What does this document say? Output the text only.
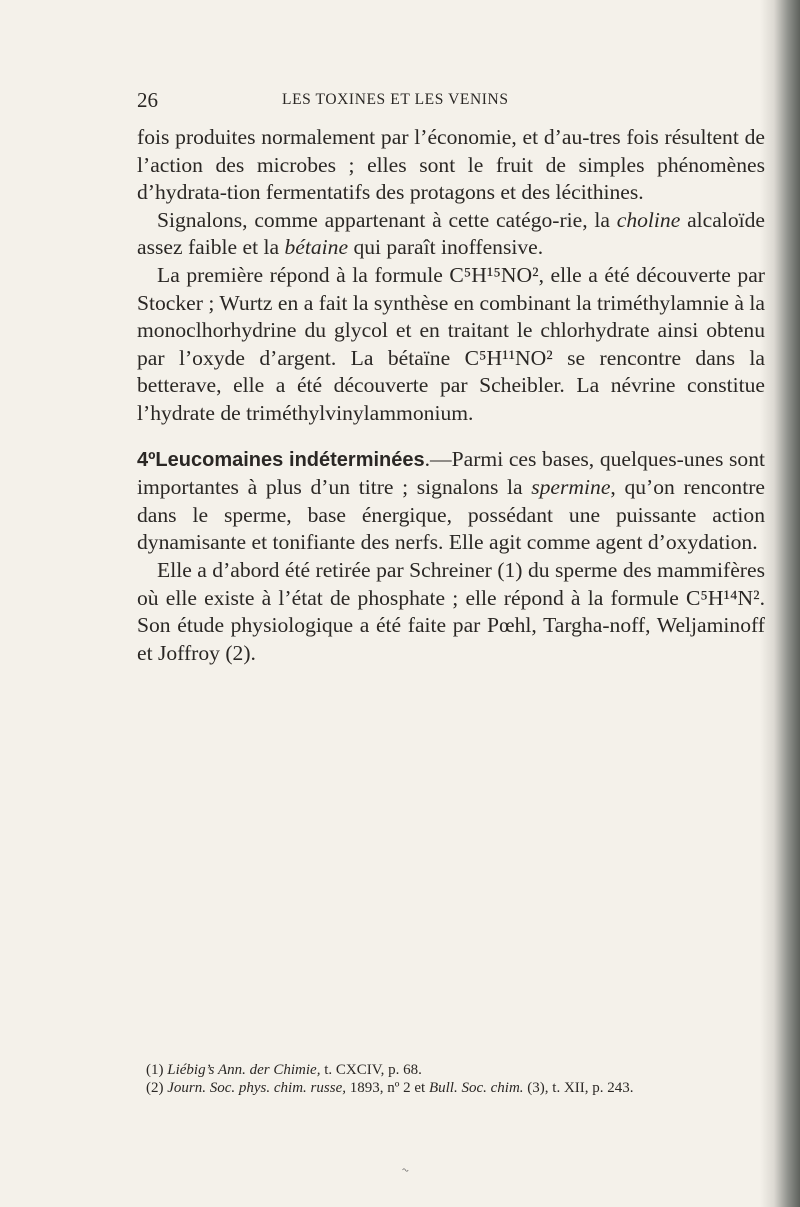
26	LES TOXINES ET LES VENINS

fois produites normalement par l’économie, et d’au-tres fois résultent de l’action des microbes ; elles sont le fruit de simples phénomènes d’hydrata-tion fermentatifs des protagons et des lécithines.

Signalons, comme appartenant à cette catégo-rie, la choline alcaloïde assez faible et la bétaine qui paraît inoffensive.

La première répond à la formule C⁵H¹⁵NO², elle a été découverte par Stocker ; Wurtz en a fait la synthèse en combinant la triméthylamnie à la monoclhorhydrine du glycol et en traitant le chlorhydrate ainsi obtenu par l’oxyde d’argent. La bétaïne C⁵H¹¹NO² se rencontre dans la betterave, elle a été découverte par Scheibler. La névrine constitue l’hydrate de triméthylvinylammonium.

4ºLeucomaines indéterminées.—Parmi ces bases, quelques-unes sont importantes à plus d’un titre ; signalons la spermine, qu’on rencontre dans le sperme, base énergique, possédant une puissante action dynamisante et tonifiante des nerfs. Elle agit comme agent d’oxydation.

Elle a d’abord été retirée par Schreiner (1) du sperme des mammifères où elle existe à l’état de phosphate ; elle répond à la formule C⁵H¹⁴N². Son étude physiologique a été faite par Pœhl, Targha-noff, Weljaminoff et Joffroy (2).

(1) Liébig’s Ann. der Chimie, t. CXCIV, p. 68.

(2) Journ. Soc. phys. chim. russe, 1893, nº 2 et Bull. Soc. chim. (3), t. XII, p. 243.

~
